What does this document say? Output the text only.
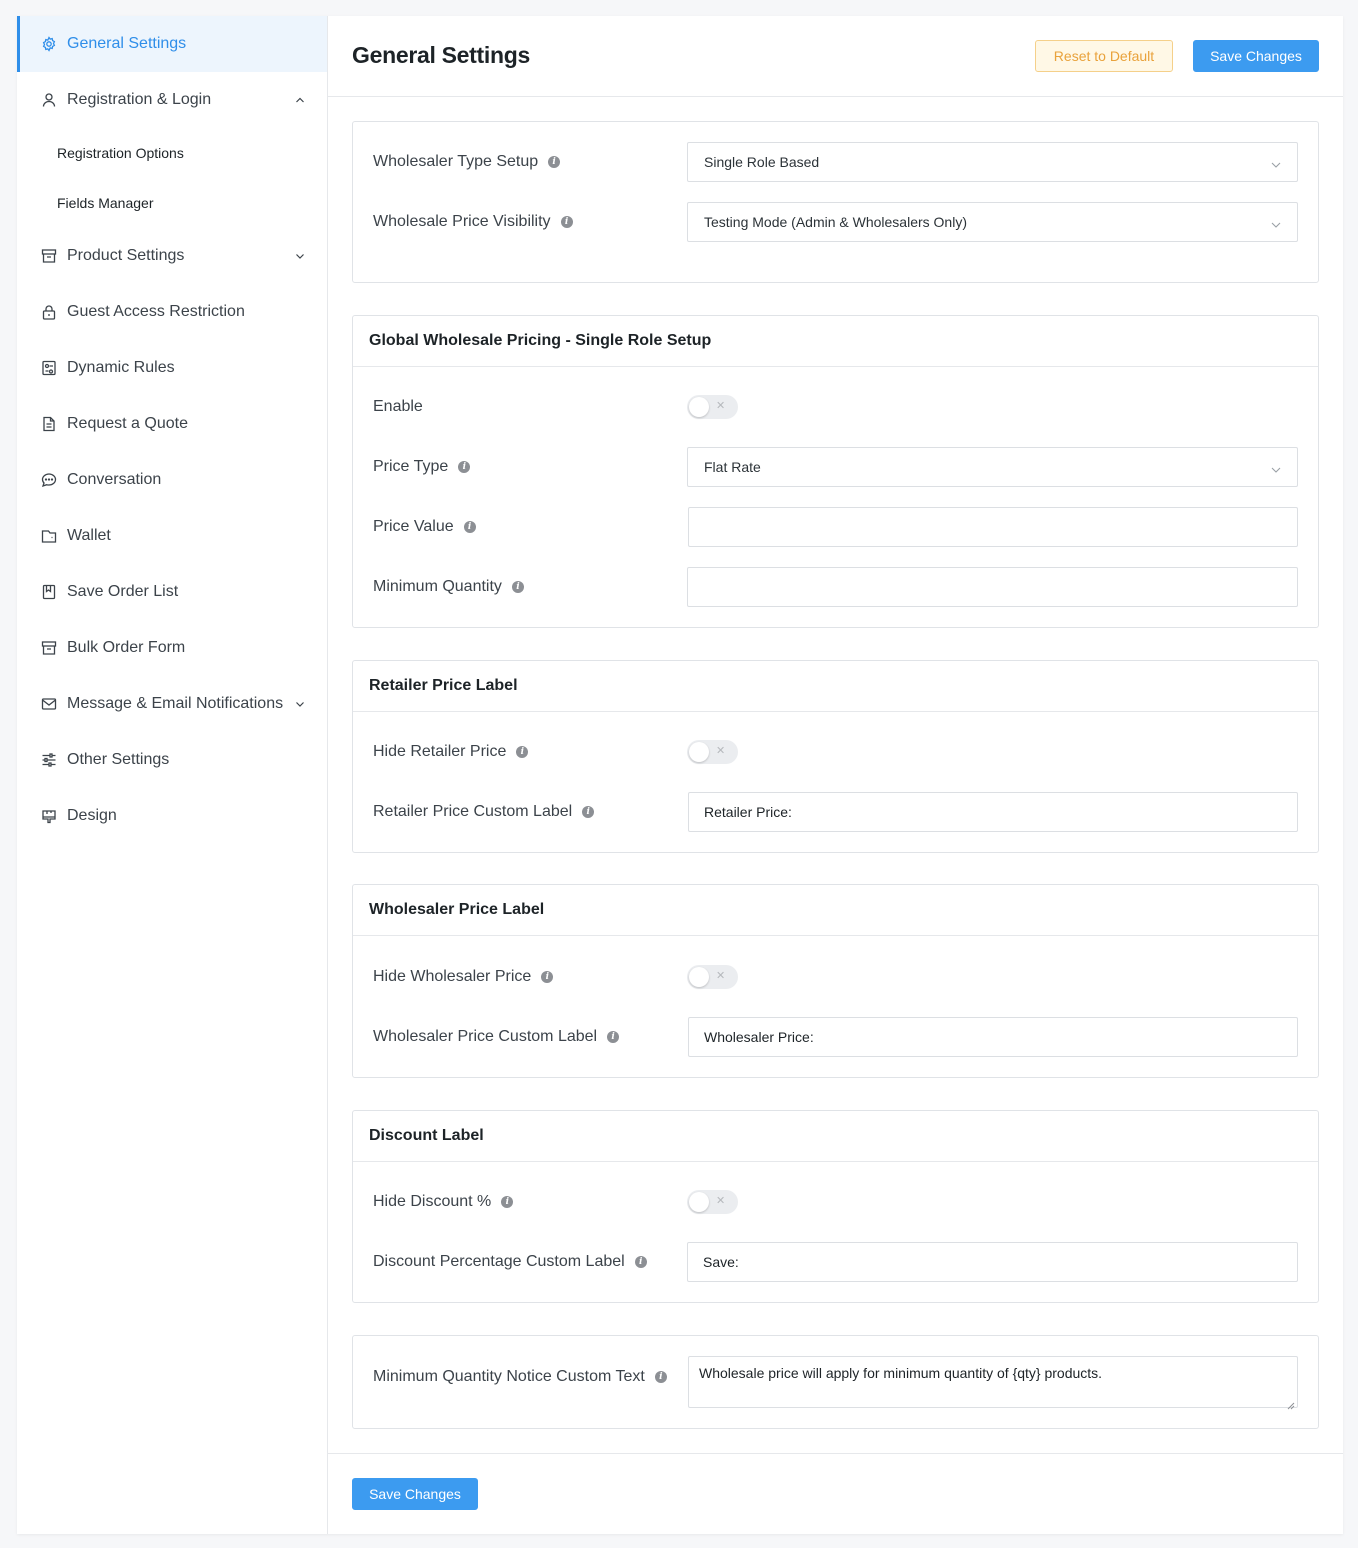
General Settings
Registration & Login
Registration Options
Fields Manager
Product Settings
Guest Access Restriction
Dynamic Rules
Request a Quote
Conversation
Wallet
Save Order List
Bulk Order Form
Message & Email Notifications
Other Settings
Design
General Settings	Reset to Default	Save Changes
Wholesaler Type Setup	i	Single Role Based
Wholesale Price Visibility	i	Testing Mode (Admin & Wholesalers Only)
Global Wholesale Pricing - Single Role Setup
Enable	✕
Price Type	i	Flat Rate
Price Value	i
Minimum Quantity	i
Retailer Price Label
Hide Retailer Price	i	✕
Retailer Price Custom Label	i	Retailer Price:
Wholesaler Price Label
Hide Wholesaler Price	i	✕
Wholesaler Price Custom Label	i	Wholesaler Price:
Discount Label
Hide Discount %	i	✕
Discount Percentage Custom Label	i	Save:
Minimum Quantity Notice Custom Text	i	Wholesale price will apply for minimum quantity of {qty} products.
Save Changes
